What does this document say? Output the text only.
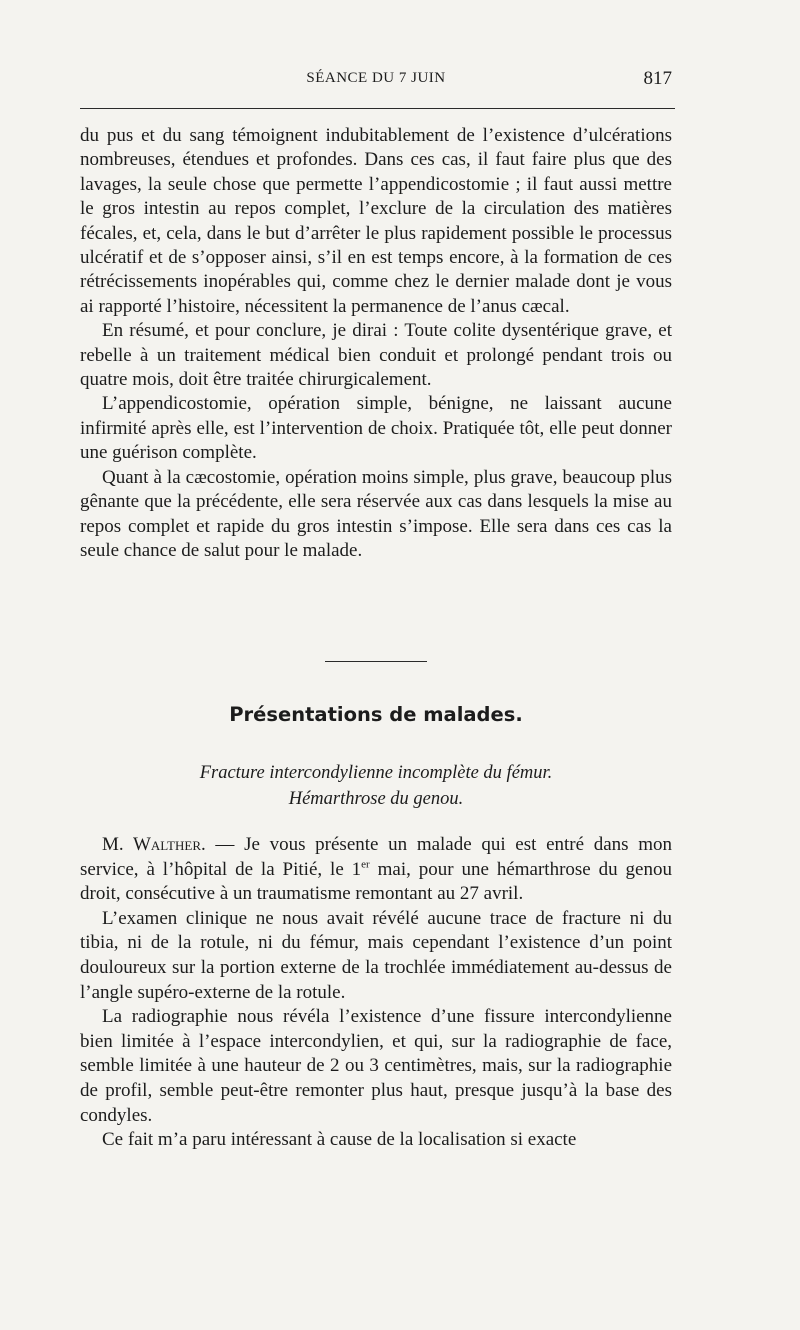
SÉANCE DU 7 JUIN	817

du pus et du sang témoignent indubitablement de l’existence d’ulcérations nombreuses, étendues et profondes. Dans ces cas, il faut faire plus que des lavages, la seule chose que permette l’appendicostomie ; il faut aussi mettre le gros intestin au repos complet, l’exclure de la circulation des matières fécales, et, cela, dans le but d’arrêter le plus rapidement possible le processus ulcératif et de s’opposer ainsi, s’il en est temps encore, à la formation de ces rétrécissements inopérables qui, comme chez le dernier malade dont je vous ai rapporté l’histoire, nécessitent la permanence de l’anus cæcal.

En résumé, et pour conclure, je dirai : Toute colite dysentérique grave, et rebelle à un traitement médical bien conduit et prolongé pendant trois ou quatre mois, doit être traitée chirurgicalement.

L’appendicostomie, opération simple, bénigne, ne laissant aucune infirmité après elle, est l’intervention de choix. Pratiquée tôt, elle peut donner une guérison complète.

Quant à la cæcostomie, opération moins simple, plus grave, beaucoup plus gênante que la précédente, elle sera réservée aux cas dans lesquels la mise au repos complet et rapide du gros intestin s’impose. Elle sera dans ces cas la seule chance de salut pour le malade.

Présentations de malades.
Fracture intercondylienne incomplète du fémur.
Hémarthrose du genou.

M. Walther. — Je vous présente un malade qui est entré dans mon service, à l’hôpital de la Pitié, le 1er mai, pour une hémarthrose du genou droit, consécutive à un traumatisme remontant au 27 avril.

L’examen clinique ne nous avait révélé aucune trace de fracture ni du tibia, ni de la rotule, ni du fémur, mais cependant l’existence d’un point douloureux sur la portion externe de la trochlée immédiatement au-dessus de l’angle supéro-externe de la rotule.

La radiographie nous révéla l’existence d’une fissure intercondylienne bien limitée à l’espace intercondylien, et qui, sur la radiographie de face, semble limitée à une hauteur de 2 ou 3 centimètres, mais, sur la radiographie de profil, semble peut-être remonter plus haut, presque jusqu’à la base des condyles.

Ce fait m’a paru intéressant à cause de la localisation si exacte
